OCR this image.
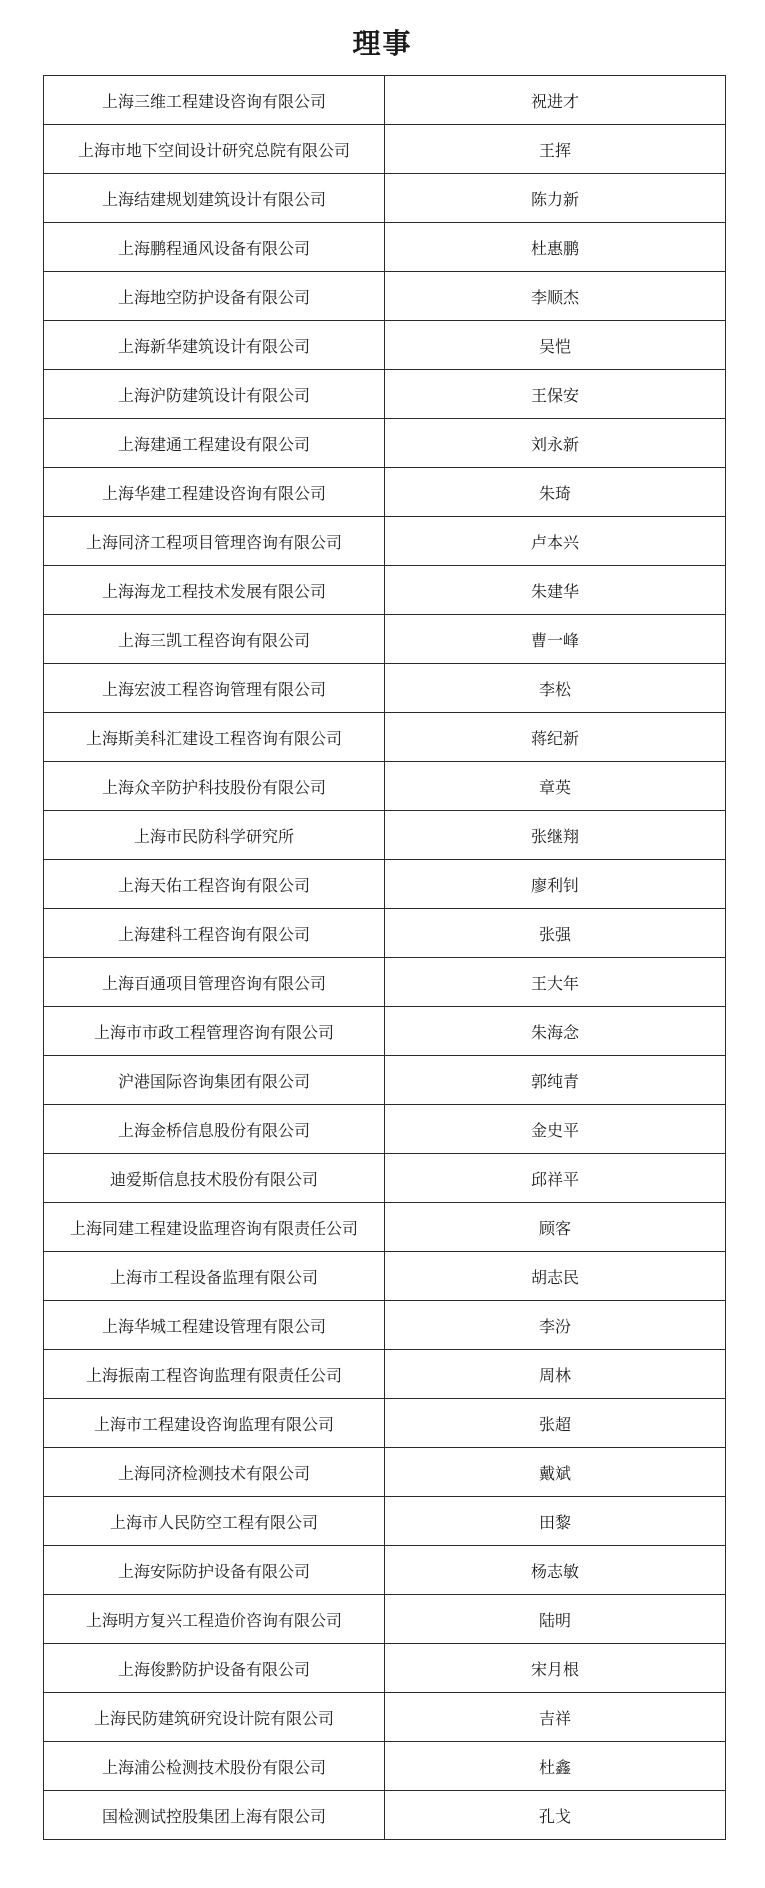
理事
上海三维工程建设咨询有限公司	祝进才
上海市地下空间设计研究总院有限公司	王挥
上海结建规划建筑设计有限公司	陈力新
上海鹏程通风设备有限公司	杜惠鹏
上海地空防护设备有限公司	李顺杰
上海新华建筑设计有限公司	吴恺
上海沪防建筑设计有限公司	王保安
上海建通工程建设有限公司	刘永新
上海华建工程建设咨询有限公司	朱琦
上海同济工程项目管理咨询有限公司	卢本兴
上海海龙工程技术发展有限公司	朱建华
上海三凯工程咨询有限公司	曹一峰
上海宏波工程咨询管理有限公司	李松
上海斯美科汇建设工程咨询有限公司	蒋纪新
上海众辛防护科技股份有限公司	章英
上海市民防科学研究所	张继翔
上海天佑工程咨询有限公司	廖利钊
上海建科工程咨询有限公司	张强
上海百通项目管理咨询有限公司	王大年
上海市市政工程管理咨询有限公司	朱海念
沪港国际咨询集团有限公司	郭纯青
上海金桥信息股份有限公司	金史平
迪爱斯信息技术股份有限公司	邱祥平
上海同建工程建设监理咨询有限责任公司	顾客
上海市工程设备监理有限公司	胡志民
上海华城工程建设管理有限公司	李汾
上海振南工程咨询监理有限责任公司	周林
上海市工程建设咨询监理有限公司	张超
上海同济检测技术有限公司	戴斌
上海市人民防空工程有限公司	田黎
上海安际防护设备有限公司	杨志敏
上海明方复兴工程造价咨询有限公司	陆明
上海俊黔防护设备有限公司	宋月根
上海民防建筑研究设计院有限公司	吉祥
上海浦公检测技术股份有限公司	杜鑫
国检测试控股集团上海有限公司	孔戈
